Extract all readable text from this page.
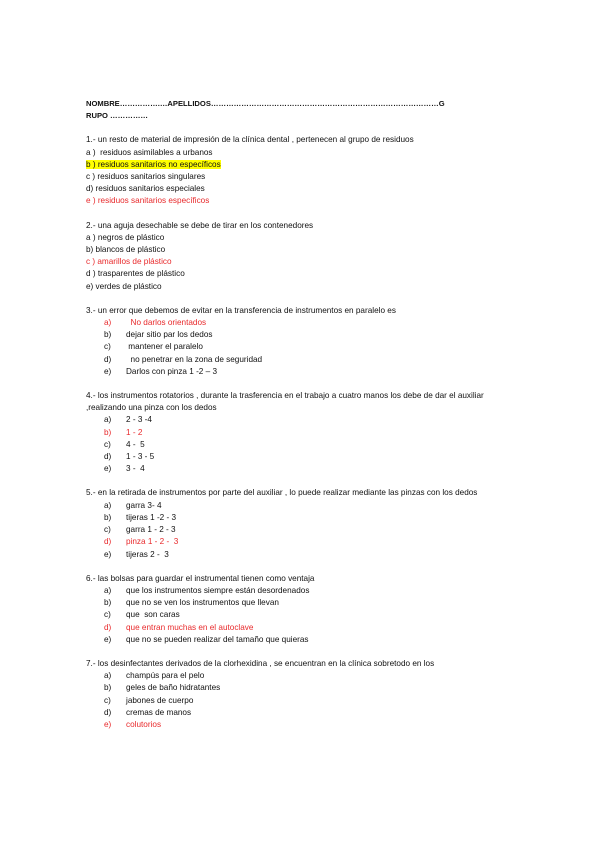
NOMBRE…………….…APELLIDOS………………………………………………………………………………G
RUPO ……………
1.- un resto de material de impresión de la clínica dental , pertenecen al grupo de residuos
a )  residuos asimilables a urbanos
b ) residuos sanitarios no específicos
c ) residuos sanitarios singulares
d) residuos sanitarios especiales
e ) residuos sanitarios específicos
2.- una aguja desechable se debe de tirar en los contenedores
a ) negros de plástico
b) blancos de plástico
c ) amarillos de plástico
d ) trasparentes de plástico
e) verdes de plástico
3.- un error que debemos de evitar en la transferencia de instrumentos en paralelo es
a)	No darlos orientados
b)	dejar sitio par los dedos
c)	mantener el paralelo
d)	no penetrar en la zona de seguridad
e)	Darlos con pinza 1 -2 – 3
4.- los instrumentos rotatorios , durante la trasferencia en el trabajo a cuatro manos los debe de dar el auxiliar ,realizando una pinza con los dedos
a)	2 - 3 -4
b)	1 - 2
c)	4 -  5
d)	1 - 3 - 5
e)	3 -  4
5.- en la retirada de instrumentos por parte del auxiliar , lo puede realizar mediante las pinzas con los dedos
a)	garra 3- 4
b)	tijeras 1 -2 - 3
c)	garra 1 - 2 - 3
d)	pinza 1 - 2 -  3
e)	tijeras 2 -  3
6.- las bolsas para guardar el instrumental tienen como ventaja
a)	que los instrumentos siempre están desordenados
b)	que no se ven los instrumentos que llevan
c)	que  son caras
d)	que entran muchas en el autoclave
e)	que no se pueden realizar del tamaño que quieras
7.- los desinfectantes derivados de la clorhexidina , se encuentran en la clínica sobretodo en los
a)	champús para el pelo
b)	geles de baño hidratantes
c)	jabones de cuerpo
d)	cremas de manos
e)	colutorios
